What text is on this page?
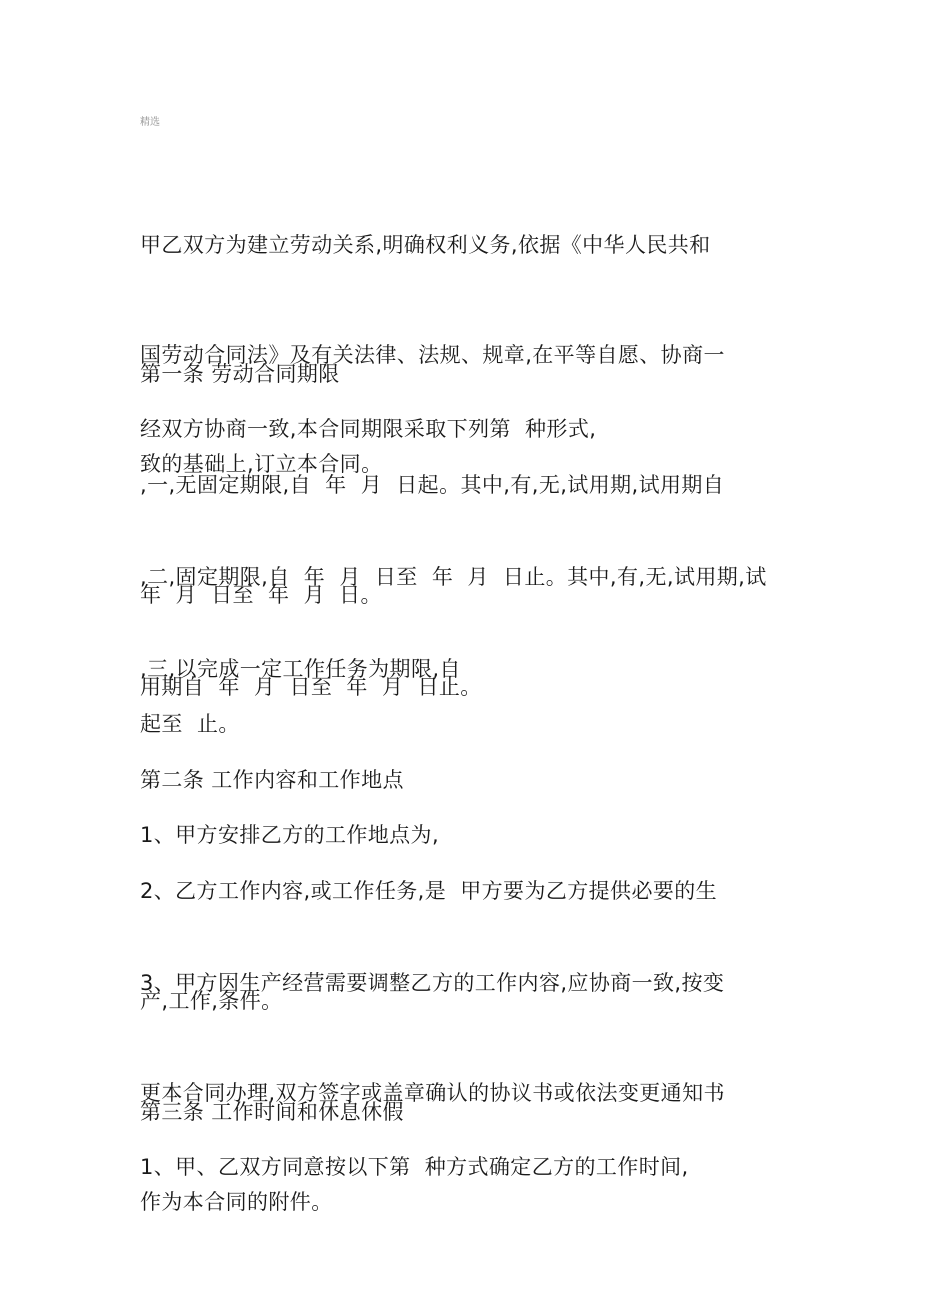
精选

甲乙双方为建立劳动关系,明确权利义务,依据《中华人民共和

国劳动合同法》及有关法律、法规、规章,在平等自愿、协商一

致的基础上,订立本合同。

第一条 劳动合同期限

经双方协商一致,本合同期限采取下列第  种形式,

,一,无固定期限,自  年  月  日起。其中,有,无,试用期,试用期自

年  月  日至  年  月  日。

,二,固定期限,自  年  月  日至  年  月  日止。其中,有,无,试用期,试

用期自  年  月  日至  年  月  日止。

,三,以完成一定工作任务为期限,自

起至  止。

第二条 工作内容和工作地点

1、甲方安排乙方的工作地点为,

2、乙方工作内容,或工作任务,是  甲方要为乙方提供必要的生

产,工作,条件。

3、甲方因生产经营需要调整乙方的工作内容,应协商一致,按变

更本合同办理,双方签字或盖章确认的协议书或依法变更通知书

作为本合同的附件。

第三条 工作时间和休息休假

1、甲、乙双方同意按以下第  种方式确定乙方的工作时间,
